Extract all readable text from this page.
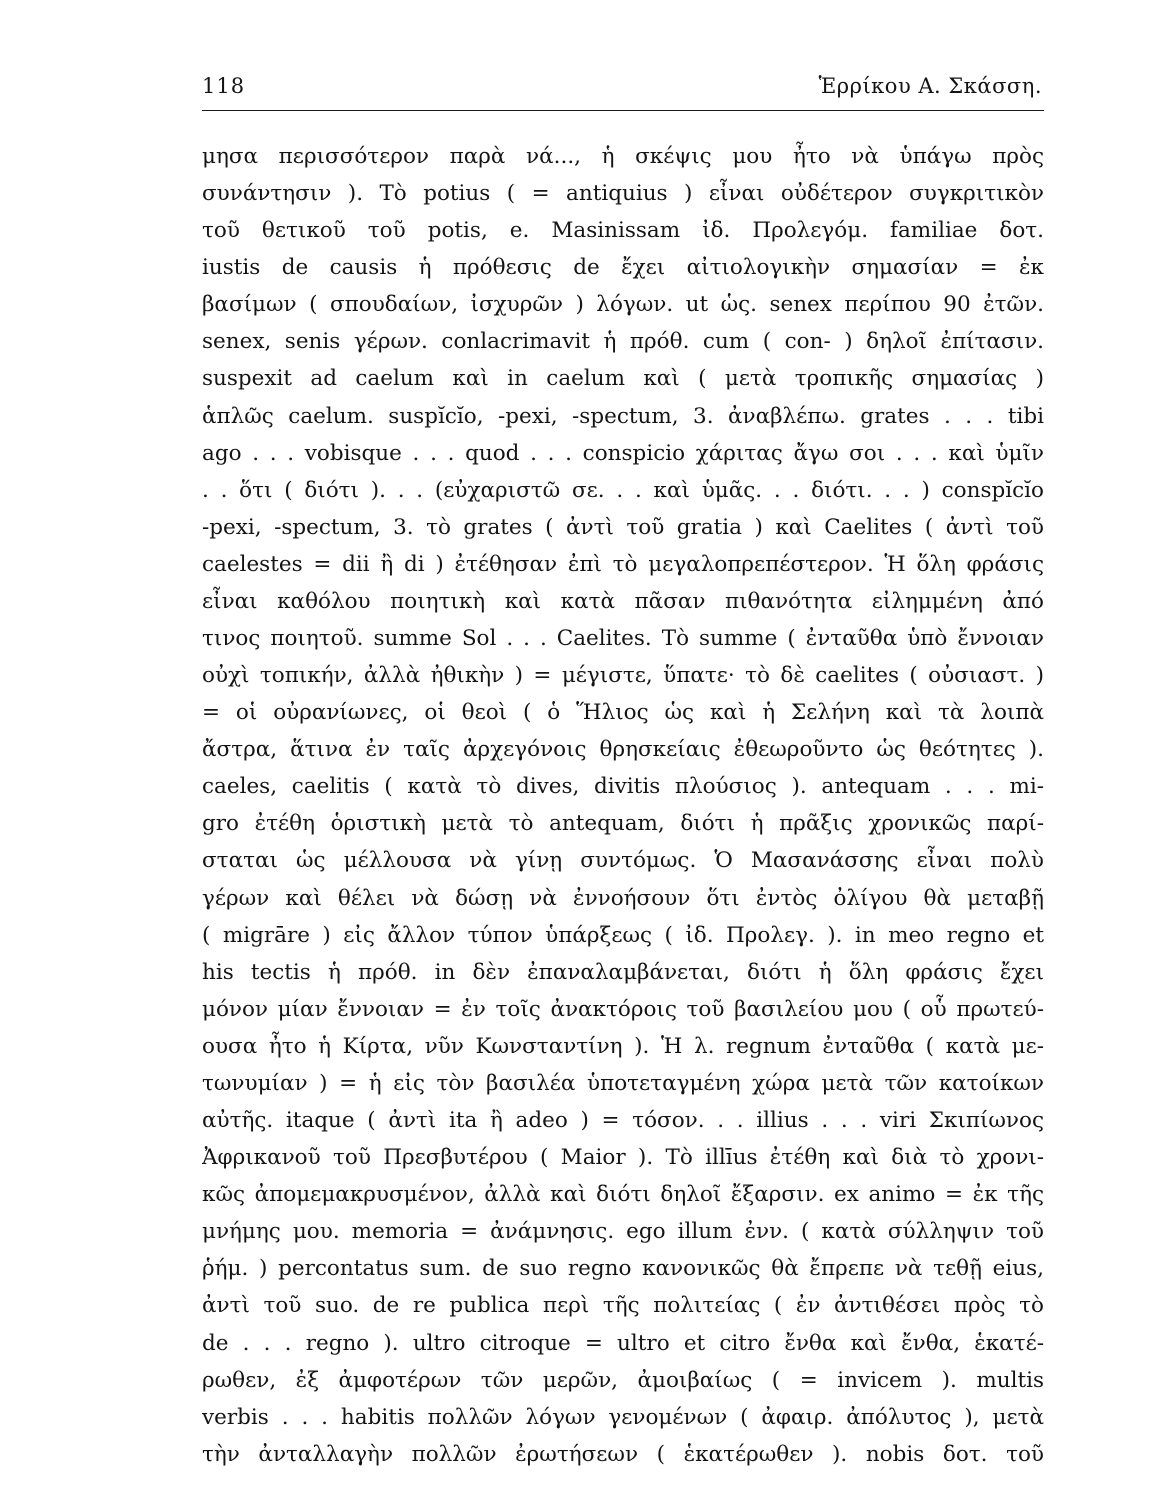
118	Ἑρρίκου Α. Σκάσση.
μησα περισσότερον παρὰ νά..., ἡ σκέψις μου ἦτο νὰ ὑπάγω πρὸς
συνάντησιν ). Τὸ potius ( = antiquius ) εἶναι οὐδέτερον συγκριτικὸν
τοῦ θετικοῦ τοῦ potis, e. Masinissam ἰδ. Προλεγόμ. familiae δοτ.
iustis de causis ἡ πρόθεσις de ἔχει αἰτιολογικὴν σημασίαν = ἐκ
βασίμων ( σπουδαίων, ἰσχυρῶν ) λόγων. ut ὡς. senex περίπου 90 ἐτῶν.
senex, senis γέρων. conlacrimavit ἡ πρόθ. cum ( con- ) δηλοῖ ἐπίτασιν.
suspexit ad caelum καὶ in caelum καὶ ( μετὰ τροπικῆς σημασίας )
ἁπλῶς caelum. suspĭcĭo, -pexi, -spectum, 3. ἀναβλέπω. grates . . . tibi
ago . . . vobisque . . . quod . . . conspicio χάριτας ἄγω σοι . . . καὶ ὑμῖν
. . ὅτι ( διότι ). . . (εὐχαριστῶ σε. . . καὶ ὑμᾶς. . . διότι. . . ) conspĭcĭo
-pexi, -spectum, 3. τὸ grates ( ἀντὶ τοῦ gratia ) καὶ Caelites ( ἀντὶ τοῦ
caelestes = dii ἢ di ) ἐτέθησαν ἐπὶ τὸ μεγαλοπρεπέστερον. Ἡ ὅλη φράσις
εἶναι καθόλου ποιητικὴ καὶ κατὰ πᾶσαν πιθανότητα εἰλημμένη ἀπό
τινος ποιητοῦ. summe Sol . . . Caelites. Τὸ summe ( ἐνταῦθα ὑπὸ ἔννοιαν
οὐχὶ τοπικήν, ἀλλὰ ἠθικὴν ) = μέγιστε, ὕπατε· τὸ δὲ caelites ( οὐσιαστ. )
= οἱ οὐρανίωνες, οἱ θεοὶ ( ὁ Ἥλιος ὡς καὶ ἡ Σελήνη καὶ τὰ λοιπὰ
ἄστρα, ἅτινα ἐν ταῖς ἀρχεγόνοις θρησκείαις ἐθεωροῦντο ὡς θεότητες ).
caeles, caelitis ( κατὰ τὸ dives, divitis πλούσιος ). antequam . . . mi-
gro ἐτέθη ὁριστικὴ μετὰ τὸ antequam, διότι ἡ πρᾶξις χρονικῶς παρί-
σταται ὡς μέλλουσα νὰ γίνῃ συντόμως. Ὁ Μασανάσσης εἶναι πολὺ
γέρων καὶ θέλει νὰ δώσῃ νὰ ἐννοήσουν ὅτι ἐντὸς ὀλίγου θὰ μεταβῇ
( migrāre ) εἰς ἄλλον τύπον ὑπάρξεως ( ἰδ. Προλεγ. ). in meo regno et
his tectis ἡ πρόθ. in δὲν ἐπαναλαμβάνεται, διότι ἡ ὅλη φράσις ἔχει
μόνον μίαν ἔννοιαν = ἐν τοῖς ἀνακτόροις τοῦ βασιλείου μου ( οὗ πρωτεύ-
ουσα ἦτο ἡ Κίρτα, νῦν Κωνσταντίνη ). Ἡ λ. regnum ἐνταῦθα ( κατὰ με-
τωνυμίαν ) = ἡ εἰς τὸν βασιλέα ὑποτεταγμένη χώρα μετὰ τῶν κατοίκων
αὐτῆς. itaque ( ἀντὶ ita ἢ adeo ) = τόσον. . . illius . . . viri Σκιπίωνος
Ἀφρικανοῦ τοῦ Πρεσβυτέρου ( Maior ). Τὸ illīus ἐτέθη καὶ διὰ τὸ χρονι-
κῶς ἀπομεμακρυσμένον, ἀλλὰ καὶ διότι δηλοῖ ἔξαρσιν. ex animo = ἐκ τῆς
μνήμης μου. memoria = ἀνάμνησις. ego illum ἐνν. ( κατὰ σύλληψιν τοῦ
ῥήμ. ) percontatus sum. de suo regno κανονικῶς θὰ ἔπρεπε νὰ τεθῇ eius,
ἀντὶ τοῦ suo. de re publica περὶ τῆς πολιτείας ( ἐν ἀντιθέσει πρὸς τὸ
de . . . regno ). ultro citroque = ultro et citro ἔνθα καὶ ἔνθα, ἑκατέ-
ρωθεν, ἐξ ἀμφοτέρων τῶν μερῶν, ἀμοιβαίως ( = invicem ). multis
verbis . . . habitis πολλῶν λόγων γενομένων ( ἀφαιρ. ἀπόλυτος ), μετὰ
τὴν ἀνταλλαγὴν πολλῶν ἐρωτήσεων ( ἑκατέρωθεν ). nobis δοτ. τοῦ
